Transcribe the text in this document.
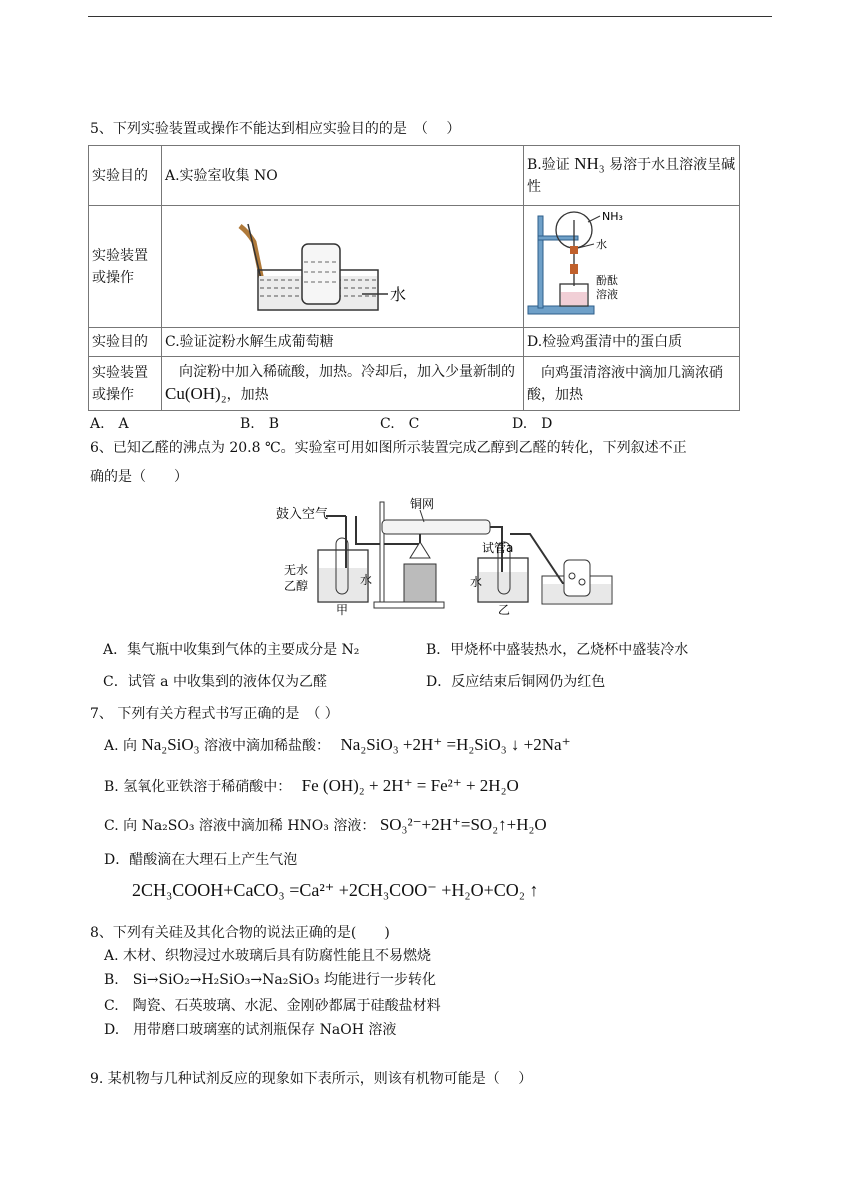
5、下列实验装置或操作不能达到相应实验目的的是　（　 ）
实验目的	A.实验室收集 NO	B.验证 NH₃ 易溶于水且溶液呈碱性
实验装置或操作	水	NH₃
水
酚酞
溶液

实验目的	C.验证淀粉水解生成葡萄糖	D.检验鸡蛋清中的蛋白质
实验装置或操作	　向淀粉中加入稀硫酸，加热。冷却后，加入少量新制的 Cu(OH)₂，加热	　向鸡蛋清溶液中滴加几滴浓硝酸，加热
A.　A	B.　B	C.　C	D.　D
6、已知乙醛的沸点为 20.8 ℃。实验室可用如图所示装置完成乙醇到乙醛的转化，下列叙述不正
确的是（　　）
鼓入空气
无水
乙醇	水
甲
铜网
试管a
水
乙
A．集气瓶中收集到气体的主要成分是 N₂	B．甲烧杯中盛装热水，乙烧杯中盛装冷水
C．试管 a 中收集到的液体仅为乙醛	D．反应结束后铜网仍为红色
7、 下列有关方程式书写正确的是　（ ）
A. 向 Na₂SiO₃ 溶液中滴加稀盐酸： Na₂SiO₃ +2H⁺ =H₂SiO₃ ↓ +2Na⁺
B. 氢氧化亚铁溶于稀硝酸中： Fe (OH)₂ + 2H⁺ = Fe²⁺ + 2H₂O
C. 向 Na₂SO₃ 溶液中滴加稀 HNO₃ 溶液： SO₃²⁻+2H⁺=SO₂↑+H₂O
D．醋酸滴在大理石上产生气泡
2CH₃COOH+CaCO₃ =Ca²⁺ +2CH₃COO⁻ +H₂O+CO₂ ↑
8、下列有关硅及其化合物的说法正确的是(　　)
A. 木材、织物浸过水玻璃后具有防腐性能且不易燃烧
B.　Si→SiO₂→H₂SiO₃→Na₂SiO₃ 均能进行一步转化
C.　陶瓷、石英玻璃、水泥、金刚砂都属于硅酸盐材料
D.　用带磨口玻璃塞的试剂瓶保存 NaOH 溶液
9. 某机物与几种试剂反应的现象如下表所示，则该有机物可能是（　 ）
